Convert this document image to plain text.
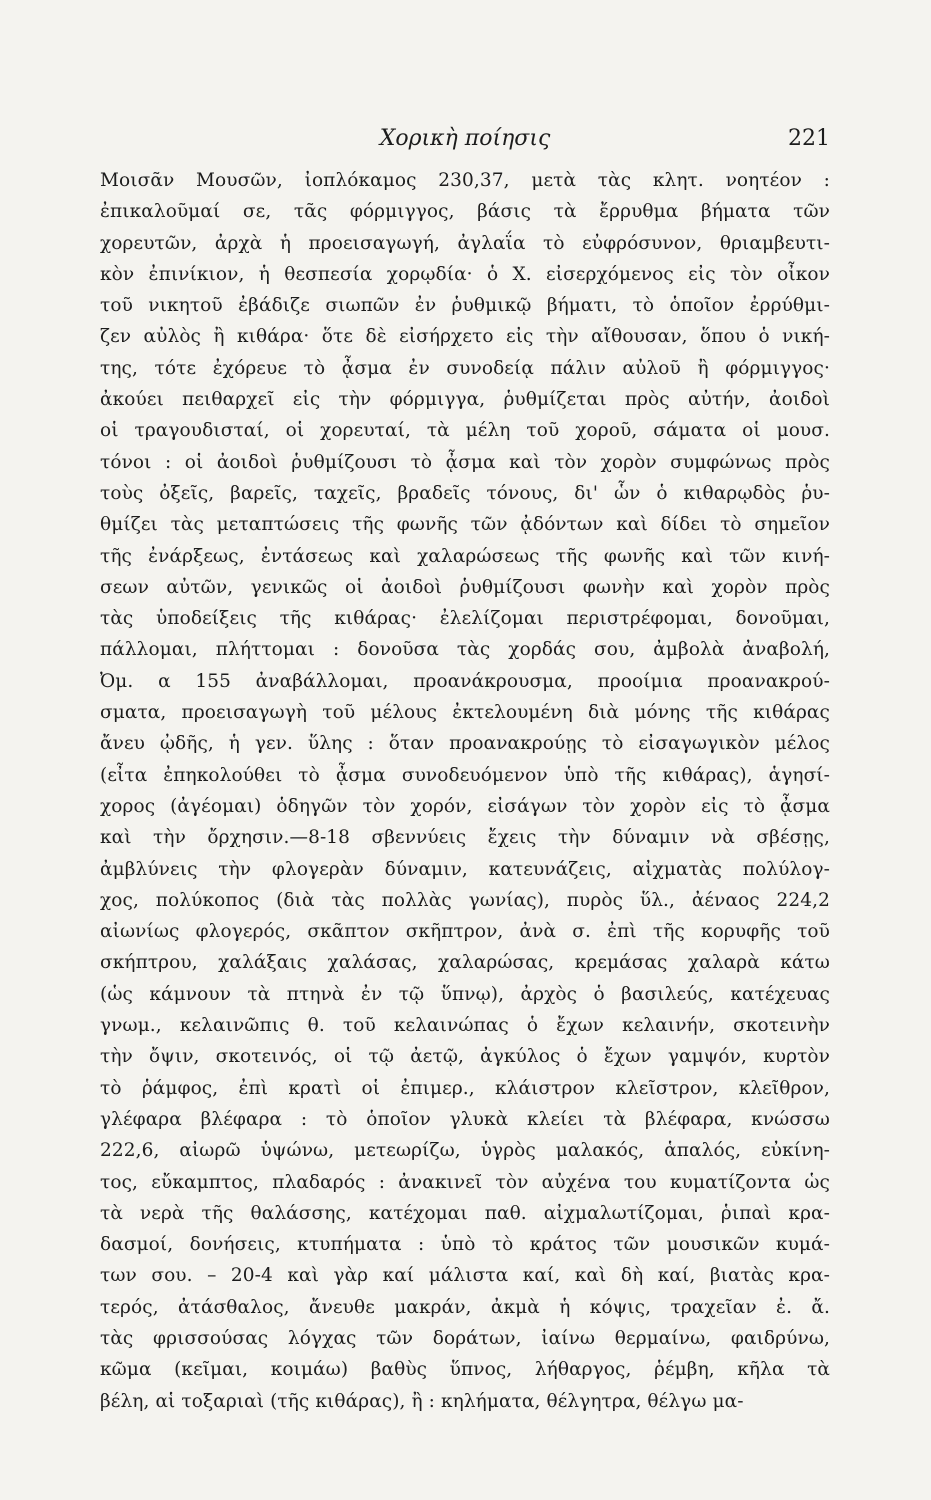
Χορικὴ ποίησις	221
Μοισᾶν Μουσῶν, ἰοπλόκαμος 230,37, μετὰ τὰς κλητ. νοητέον :
ἐπικαλοῦμαί σε, τᾶς φόρμιγγος, βάσις τὰ ἔρρυθμα βήματα τῶν
χορευτῶν, ἀρχὰ ἡ προεισαγωγή, ἀγλαΐα τὸ εὐφρόσυνον, θριαμβευτι-
κὸν ἐπινίκιον, ἡ θεσπεσία χορῳδία· ὁ Χ. εἰσερχόμενος εἰς τὸν οἶκον
τοῦ νικητοῦ ἐβάδιζε σιωπῶν ἐν ῥυθμικῷ βήματι, τὸ ὁποῖον ἐρρύθμι-
ζεν αὐλὸς ἢ κιθάρα· ὅτε δὲ εἰσήρχετο εἰς τὴν αἴθουσαν, ὅπου ὁ νική-
της, τότε ἐχόρευε τὸ ᾆσμα ἐν συνοδείᾳ πάλιν αὐλοῦ ἢ φόρμιγγος·
ἀκούει πειθαρχεῖ εἰς τὴν φόρμιγγα, ῥυθμίζεται πρὸς αὐτήν, ἀοιδοὶ
οἱ τραγουδισταί, οἱ χορευταί, τὰ μέλη τοῦ χοροῦ, σάματα οἱ μουσ.
τόνοι : οἱ ἀοιδοὶ ῥυθμίζουσι τὸ ᾆσμα καὶ τὸν χορὸν συμφώνως πρὸς
τοὺς ὀξεῖς, βαρεῖς, ταχεῖς, βραδεῖς τόνους, δι' ὧν ὁ κιθαρῳδὸς ῥυ-
θμίζει τὰς μεταπτώσεις τῆς φωνῆς τῶν ᾀδόντων καὶ δίδει τὸ σημεῖον
τῆς ἐνάρξεως, ἐντάσεως καὶ χαλαρώσεως τῆς φωνῆς καὶ τῶν κινή-
σεων αὐτῶν, γενικῶς οἱ ἀοιδοὶ ῥυθμίζουσι φωνὴν καὶ χορὸν πρὸς
τὰς ὑποδείξεις τῆς κιθάρας· ἐλελίζομαι περιστρέφομαι, δονοῦμαι,
πάλλομαι, πλήττομαι : δονοῦσα τὰς χορδάς σου, ἀμβολὰ ἀναβολή,
Ὀμ. α 155 ἀναβάλλομαι, προανάκρουσμα, προοίμια προανακρού-
σματα, προεισαγωγὴ τοῦ μέλους ἐκτελουμένη διὰ μόνης τῆς κιθάρας
ἄνευ ᾠδῆς, ἡ γεν. ὕλης : ὅταν προανακρούῃς τὸ εἰσαγωγικὸν μέλος
(εἶτα ἐπηκολούθει τὸ ᾆσμα συνοδευόμενον ὑπὸ τῆς κιθάρας), ἁγησί-
χορος (ἀγέομαι) ὁδηγῶν τὸν χορόν, εἰσάγων τὸν χορὸν εἰς τὸ ᾆσμα
καὶ τὴν ὄρχησιν.—8-18 σβεννύεις ἔχεις τὴν δύναμιν νὰ σβέσῃς,
ἀμβλύνεις τὴν φλογερὰν δύναμιν, κατευνάζεις, αἰχματὰς πολύλογ-
χος, πολύκοπος (διὰ τὰς πολλὰς γωνίας), πυρὸς ὕλ., ἀέναος 224,2
αἰωνίως φλογερός, σκᾶπτον σκῆπτρον, ἀνὰ σ. ἐπὶ τῆς κορυφῆς τοῦ
σκήπτρου, χαλάξαις χαλάσας, χαλαρώσας, κρεμάσας χαλαρὰ κάτω
(ὡς κάμνουν τὰ πτηνὰ ἐν τῷ ὕπνῳ), ἀρχὸς ὁ βασιλεύς, κατέχευας
γνωμ., κελαινῶπις θ. τοῦ κελαινώπας ὁ ἔχων κελαινήν, σκοτεινὴν
τὴν ὄψιν, σκοτεινός, οἱ τῷ ἀετῷ, ἀγκύλος ὁ ἔχων γαμψόν, κυρτὸν
τὸ ῥάμφος, ἐπὶ κρατὶ οἱ ἐπιμερ., κλάιστρον κλεῖστρον, κλεῖθρον,
γλέφαρα βλέφαρα : τὸ ὁποῖον γλυκὰ κλείει τὰ βλέφαρα, κνώσσω
222,6, αἰωρῶ ὑψώνω, μετεωρίζω, ὑγρὸς μαλακός, ἁπαλός, εὐκίνη-
τος, εὔκαμπτος, πλαδαρός : ἀνακινεῖ τὸν αὐχένα του κυματίζοντα ὡς
τὰ νερὰ τῆς θαλάσσης, κατέχομαι παθ. αἰχμαλωτίζομαι, ῥιπαὶ κρα-
δασμοί, δονήσεις, κτυπήματα : ὑπὸ τὸ κράτος τῶν μουσικῶν κυμά-
των σου. – 20-4 καὶ γὰρ καί μάλιστα καί, καὶ δὴ καί, βιατὰς κρα-
τερός, ἀτάσθαλος, ἄνευθε μακράν, ἀκμὰ ἡ κόψις, τραχεῖαν ἐ. ἄ.
τὰς φρισσούσας λόγχας τῶν δοράτων, ἰαίνω θερμαίνω, φαιδρύνω,
κῶμα (κεῖμαι, κοιμάω) βαθὺς ὕπνος, λήθαργος, ῥέμβη, κῆλα τὰ
βέλη, αἱ τοξαριαὶ (τῆς κιθάρας), ἢ : κηλήματα, θέλγητρα, θέλγω μα-
